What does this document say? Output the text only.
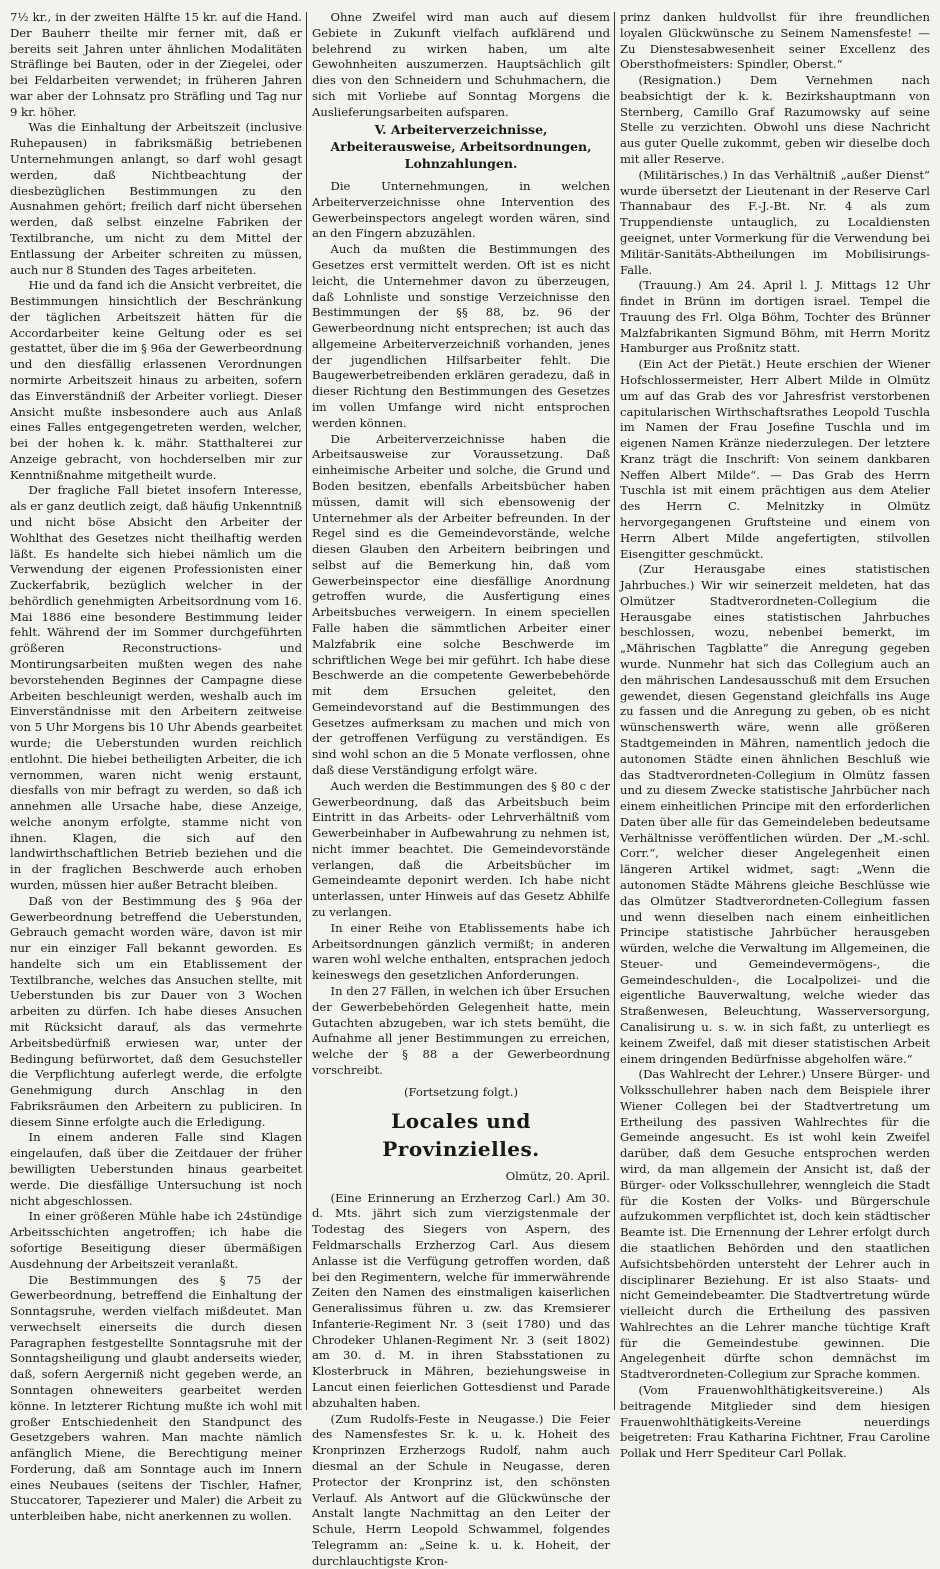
7½ kr., in der zweiten Hälfte 15 kr. auf die Hand. Der Bauherr theilte mir ferner mit, daß er bereits seit Jahren unter ähnlichen Modalitäten Sträflinge bei Bauten, oder in der Ziegelei, oder bei Feldarbeiten verwendet; in früheren Jahren war aber der Lohnsatz pro Sträfling und Tag nur 9 kr. höher.

Was die Einhaltung der Arbeitszeit (inclusive Ruhepausen) in fabriksmäßig betriebenen Unternehmungen anlangt, so darf wohl gesagt werden, daß Nichtbeachtung der diesbezüglichen Bestimmungen zu den Ausnahmen gehört; freilich darf nicht übersehen werden, daß selbst einzelne Fabriken der Textilbranche, um nicht zu dem Mittel der Entlassung der Arbeiter schreiten zu müssen, auch nur 8 Stunden des Tages arbeiteten.

Hie und da fand ich die Ansicht verbreitet, die Bestimmungen hinsichtlich der Beschränkung der täglichen Arbeitszeit hätten für die Accordarbeiter keine Geltung oder es sei gestattet, über die im § 96a der Gewerbeordnung und den diesfällig erlassenen Verordnungen normirte Arbeitszeit hinaus zu arbeiten, sofern das Einverständniß der Arbeiter vorliegt. Dieser Ansicht mußte insbesondere auch aus Anlaß eines Falles entgegengetreten werden, welcher, bei der hohen k. k. mähr. Statthalterei zur Anzeige gebracht, von hochderselben mir zur Kenntnißnahme mitgetheilt wurde.

Der fragliche Fall bietet insofern Interesse, als er ganz deutlich zeigt, daß häufig Unkenntniß und nicht böse Absicht den Arbeiter der Wohlthat des Gesetzes nicht theilhaftig werden läßt. Es handelte sich hiebei nämlich um die Verwendung der eigenen Professionisten einer Zuckerfabrik, bezüglich welcher in der behördlich genehmigten Arbeitsordnung vom 16. Mai 1886 eine besondere Bestimmung leider fehlt. Während der im Sommer durchgeführten größeren Reconstructions- und Montirungsarbeiten mußten wegen des nahe bevorstehenden Beginnes der Campagne diese Arbeiten beschleunigt werden, weshalb auch im Einverständnisse mit den Arbeitern zeitweise von 5 Uhr Morgens bis 10 Uhr Abends gearbeitet wurde; die Ueberstunden wurden reichlich entlohnt. Die hiebei betheiligten Arbeiter, die ich vernommen, waren nicht wenig erstaunt, diesfalls von mir befragt zu werden, so daß ich annehmen alle Ursache habe, diese Anzeige, welche anonym erfolgte, stamme nicht von ihnen. Klagen, die sich auf den landwirthschaftlichen Betrieb beziehen und die in der fraglichen Beschwerde auch erhoben wurden, müssen hier außer Betracht bleiben.

Daß von der Bestimmung des § 96a der Gewerbeordnung betreffend die Ueberstunden, Gebrauch gemacht worden wäre, davon ist mir nur ein einziger Fall bekannt geworden. Es handelte sich um ein Etablissement der Textilbranche, welches das Ansuchen stellte, mit Ueberstunden bis zur Dauer von 3 Wochen arbeiten zu dürfen. Ich habe dieses Ansuchen mit Rücksicht darauf, als das vermehrte Arbeitsbedürfniß erwiesen war, unter der Bedingung befürwortet, daß dem Gesuchsteller die Verpflichtung auferlegt werde, die erfolgte Genehmigung durch Anschlag in den Fabriksräumen den Arbeitern zu publiciren. In diesem Sinne erfolgte auch die Erledigung.

In einem anderen Falle sind Klagen eingelaufen, daß über die Zeitdauer der früher bewilligten Ueberstunden hinaus gearbeitet werde. Die diesfällige Untersuchung ist noch nicht abgeschlossen.

In einer größeren Mühle habe ich 24stündige Arbeitsschichten angetroffen; ich habe die sofortige Beseitigung dieser übermäßigen Ausdehnung der Arbeitszeit veranlaßt.

Die Bestimmungen des § 75 der Gewerbeordnung, betreffend die Einhaltung der Sonntagsruhe, werden vielfach mißdeutet. Man verwechselt einerseits die durch diesen Paragraphen festgestellte Sonntagsruhe mit der Sonntagsheiligung und glaubt anderseits wieder, daß, sofern Aergerniß nicht gegeben werde, an Sonntagen ohneweiters gearbeitet werden könne. In letzterer Richtung mußte ich wohl mit großer Entschiedenheit den Standpunct des Gesetzgebers wahren. Man machte nämlich anfänglich Miene, die Berechtigung meiner Forderung, daß am Sonntage auch im Innern eines Neubaues (seitens der Tischler, Hafner, Stuccatorer, Tapezierer und Maler) die Arbeit zu unterbleiben habe, nicht anerkennen zu wollen.

Ohne Zweifel wird man auch auf diesem Gebiete in Zukunft vielfach aufklärend und belehrend zu wirken haben, um alte Gewohnheiten auszumerzen. Hauptsächlich gilt dies von den Schneidern und Schuhmachern, die sich mit Vorliebe auf Sonntag Morgens die Auslieferungsarbeiten aufsparen.

V. Arbeiterverzeichnisse, Arbeiterausweise, Arbeitsordnungen, Lohnzahlungen.

Die Unternehmungen, in welchen Arbeiterverzeichnisse ohne Intervention des Gewerbeinspectors angelegt worden wären, sind an den Fingern abzuzählen.

Auch da mußten die Bestimmungen des Gesetzes erst vermittelt werden. Oft ist es nicht leicht, die Unternehmer davon zu überzeugen, daß Lohnliste und sonstige Verzeichnisse den Bestimmungen der §§ 88, bz. 96 der Gewerbeordnung nicht entsprechen; ist auch das allgemeine Arbeiterverzeichniß vorhanden, jenes der jugendlichen Hilfsarbeiter fehlt. Die Baugewerbetreibenden erklären geradezu, daß in dieser Richtung den Bestimmungen des Gesetzes im vollen Umfange wird nicht entsprochen werden können.

Die Arbeiterverzeichnisse haben die Arbeitsausweise zur Voraussetzung. Daß einheimische Arbeiter und solche, die Grund und Boden besitzen, ebenfalls Arbeitsbücher haben müssen, damit will sich ebensowenig der Unternehmer als der Arbeiter befreunden. In der Regel sind es die Gemeindevorstände, welche diesen Glauben den Arbeitern beibringen und selbst auf die Bemerkung hin, daß vom Gewerbeinspector eine diesfällige Anordnung getroffen wurde, die Ausfertigung eines Arbeitsbuches verweigern. In einem speciellen Falle haben die sämmtlichen Arbeiter einer Malzfabrik eine solche Beschwerde im schriftlichen Wege bei mir geführt. Ich habe diese Beschwerde an die competente Gewerbebehörde mit dem Ersuchen geleitet, den Gemeindevorstand auf die Bestimmungen des Gesetzes aufmerksam zu machen und mich von der getroffenen Verfügung zu verständigen. Es sind wohl schon an die 5 Monate verflossen, ohne daß diese Verständigung erfolgt wäre.

Auch werden die Bestimmungen des § 80 c der Gewerbeordnung, daß das Arbeitsbuch beim Eintritt in das Arbeits- oder Lehrverhältniß vom Gewerbeinhaber in Aufbewahrung zu nehmen ist, nicht immer beachtet. Die Gemeindevorstände verlangen, daß die Arbeitsbücher im Gemeindeamte deponirt werden. Ich habe nicht unterlassen, unter Hinweis auf das Gesetz Abhilfe zu verlangen.

In einer Reihe von Etablissements habe ich Arbeitsordnungen gänzlich vermißt; in anderen waren wohl welche enthalten, entsprachen jedoch keineswegs den gesetzlichen Anforderungen.

In den 27 Fällen, in welchen ich über Ersuchen der Gewerbebehörden Gelegenheit hatte, mein Gutachten abzugeben, war ich stets bemüht, die Aufnahme all jener Bestimmungen zu erreichen, welche der § 88 a der Gewerbeordnung vorschreibt.

(Fortsetzung folgt.)

Locales und Provinzielles.

Olmütz, 20. April.

(Eine Erinnerung an Erzherzog Carl.) Am 30. d. Mts. jährt sich zum vierzigstenmale der Todestag des Siegers von Aspern, des Feldmarschalls Erzherzog Carl. Aus diesem Anlasse ist die Verfügung getroffen worden, daß bei den Regimentern, welche für immerwährende Zeiten den Namen des einstmaligen kaiserlichen Generalissimus führen u. zw. das Kremsierer Infanterie-Regiment Nr. 3 (seit 1780) und das Chrodeker Uhlanen-Regiment Nr. 3 (seit 1802) am 30. d. M. in ihren Stabsstationen zu Klosterbruck in Mähren, beziehungsweise in Lancut einen feierlichen Gottesdienst und Parade abzuhalten haben.

(Zum Rudolfs-Feste in Neugasse.) Die Feier des Namensfestes Sr. k. u. k. Hoheit des Kronprinzen Erzherzogs Rudolf, nahm auch diesmal an der Schule in Neugasse, deren Protector der Kronprinz ist, den schönsten Verlauf. Als Antwort auf die Glückwünsche der Anstalt langte Nachmittag an den Leiter der Schule, Herrn Leopold Schwammel, folgendes Telegramm an: „Seine k. u. k. Hoheit, der durchlauchtigste Kron-

prinz danken huldvollst für ihre freundlichen loyalen Glückwünsche zu Seinem Namensfeste! — Zu Dienstesabwesenheit seiner Excellenz des Obersthofmeisters: Spindler, Oberst.“

(Resignation.) Dem Vernehmen nach beabsichtigt der k. k. Bezirkshauptmann von Sternberg, Camillo Graf Razumowsky auf seine Stelle zu verzichten. Obwohl uns diese Nachricht aus guter Quelle zukommt, geben wir dieselbe doch mit aller Reserve.

(Militärisches.) In das Verhältniß „außer Dienst“ wurde übersetzt der Lieutenant in der Reserve Carl Thannabaur des F.-J.-Bt. Nr. 4 als zum Truppendienste untauglich, zu Localdiensten geeignet, unter Vormerkung für die Verwendung bei Militär-Sanitäts-Abtheilungen im Mobilisirungs-Falle.

(Trauung.) Am 24. April l. J. Mittags 12 Uhr findet in Brünn im dortigen israel. Tempel die Trauung des Frl. Olga Böhm, Tochter des Brünner Malzfabrikanten Sigmund Böhm, mit Herrn Moritz Hamburger aus Proßnitz statt.

(Ein Act der Pietät.) Heute erschien der Wiener Hofschlossermeister, Herr Albert Milde in Olmütz um auf das Grab des vor Jahresfrist verstorbenen capitularischen Wirthschaftsrathes Leopold Tuschla im Namen der Frau Josefine Tuschla und im eigenen Namen Kränze niederzulegen. Der letztere Kranz trägt die Inschrift: Von seinem dankbaren Neffen Albert Milde“. — Das Grab des Herrn Tuschla ist mit einem prächtigen aus dem Atelier des Herrn C. Melnitzky in Olmütz hervorgegangenen Gruftsteine und einem von Herrn Albert Milde angefertigten, stilvollen Eisengitter geschmückt.

(Zur Herausgabe eines statistischen Jahrbuches.) Wir wir seinerzeit meldeten, hat das Olmützer Stadtverordneten-Collegium die Herausgabe eines statistischen Jahrbuches beschlossen, wozu, nebenbei bemerkt, im „Mährischen Tagblatte“ die Anregung gegeben wurde. Nunmehr hat sich das Collegium auch an den mährischen Landesausschuß mit dem Ersuchen gewendet, diesen Gegenstand gleichfalls ins Auge zu fassen und die Anregung zu geben, ob es nicht wünschenswerth wäre, wenn alle größeren Stadtgemeinden in Mähren, namentlich jedoch die autonomen Städte einen ähnlichen Beschluß wie das Stadtverordneten-Collegium in Olmütz fassen und zu diesem Zwecke statistische Jahrbücher nach einem einheitlichen Principe mit den erforderlichen Daten über alle für das Gemeindeleben bedeutsame Verhältnisse veröffentlichen würden. Der „M.-schl. Corr.“, welcher dieser Angelegenheit einen längeren Artikel widmet, sagt: „Wenn die autonomen Städte Mährens gleiche Beschlüsse wie das Olmützer Stadtverordneten-Collegium fassen und wenn dieselben nach einem einheitlichen Principe statistische Jahrbücher herausgeben würden, welche die Verwaltung im Allgemeinen, die Steuer- und Gemeindevermögens-, die Gemeindeschulden-, die Localpolizei- und die eigentliche Bauverwaltung, welche wieder das Straßenwesen, Beleuchtung, Wasserversorgung, Canalisirung u. s. w. in sich faßt, zu unterliegt es keinem Zweifel, daß mit dieser statistischen Arbeit einem dringenden Bedürfnisse abgeholfen wäre.“

(Das Wahlrecht der Lehrer.) Unsere Bürger- und Volksschullehrer haben nach dem Beispiele ihrer Wiener Collegen bei der Stadtvertretung um Ertheilung des passiven Wahlrechtes für die Gemeinde angesucht. Es ist wohl kein Zweifel darüber, daß dem Gesuche entsprochen werden wird, da man allgemein der Ansicht ist, daß der Bürger- oder Volksschullehrer, wenngleich die Stadt für die Kosten der Volks- und Bürgerschule aufzukommen verpflichtet ist, doch kein städtischer Beamte ist. Die Ernennung der Lehrer erfolgt durch die staatlichen Behörden und den staatlichen Aufsichtsbehörden untersteht der Lehrer auch in disciplinarer Beziehung. Er ist also Staats- und nicht Gemeindebeamter. Die Stadtvertretung würde vielleicht durch die Ertheilung des passiven Wahlrechtes an die Lehrer manche tüchtige Kraft für die Gemeindestube gewinnen. Die Angelegenheit dürfte schon demnächst im Stadtverordneten-Collegium zur Sprache kommen.

(Vom Frauenwohlthätigkeitsvereine.) Als beitragende Mitglieder sind dem hiesigen Frauenwohlthätigkeits-Vereine neuerdings beigetreten: Frau Katharina Fichtner, Frau Caroline Pollak und Herr Spediteur Carl Pollak.
